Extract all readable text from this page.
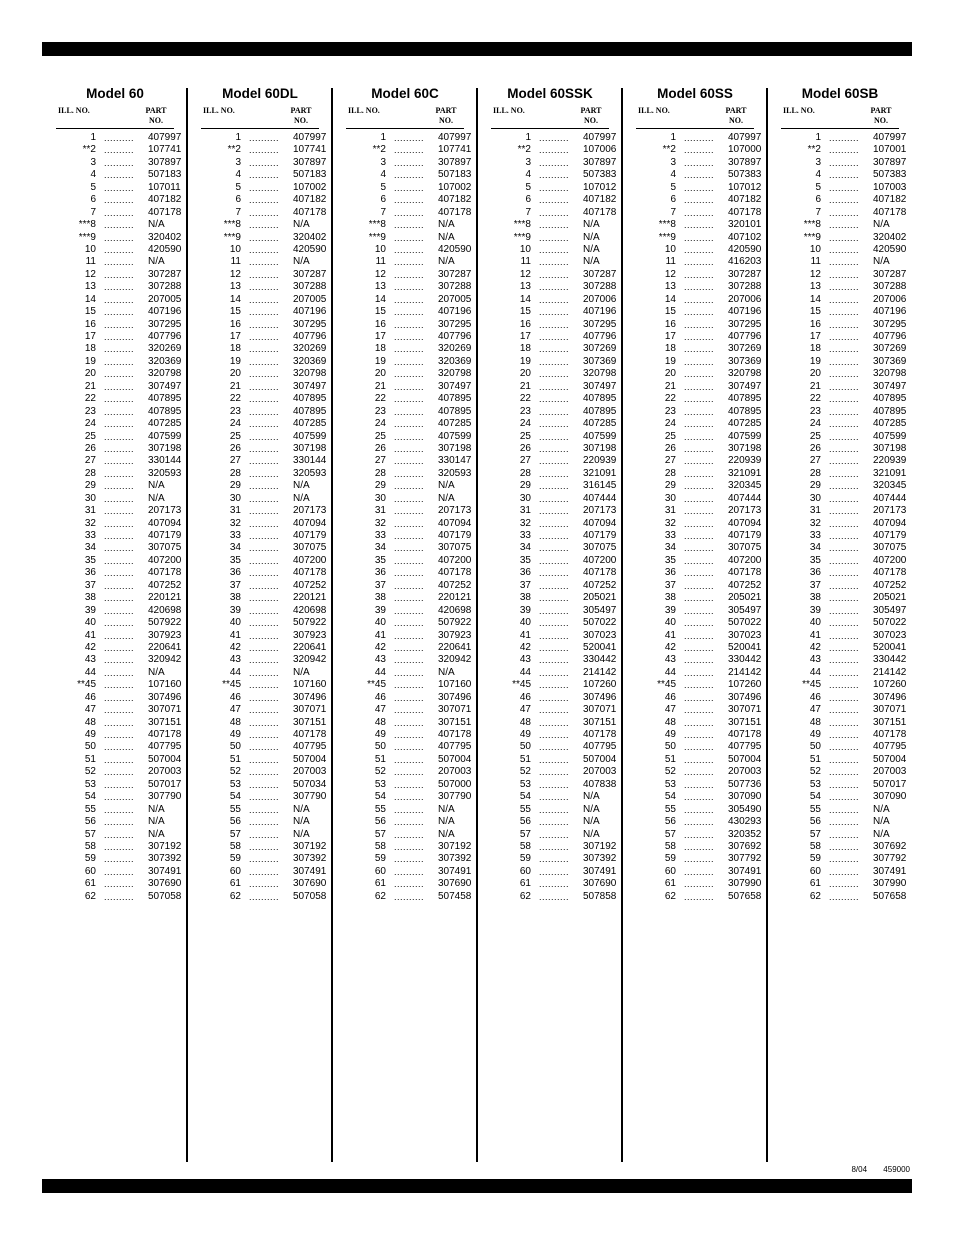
Model 60
ILL. NO.	PART
NO.
1 .......... 407997
**2 .......... 107741
3 .......... 307897
4 .......... 507183
5 .......... 107011
6 .......... 407182
7 .......... 407178
***8 .......... N/A
***9 .......... 320402
10 .......... 420590
11 .......... N/A
12 .......... 307287
13 .......... 307288
14 .......... 207005
15 .......... 407196
16 .......... 307295
17 .......... 407796
18 .......... 320269
19 .......... 320369
20 .......... 320798
21 .......... 307497
22 .......... 407895
23 .......... 407895
24 .......... 407285
25 .......... 407599
26 .......... 307198
27 .......... 330144
28 .......... 320593
29 .......... N/A
30 .......... N/A
31 .......... 207173
32 .......... 407094
33 .......... 407179
34 .......... 307075
35 .......... 407200
36 .......... 407178
37 .......... 407252
38 .......... 220121
39 .......... 420698
40 .......... 507922
41 .......... 307923
42 .......... 220641
43 .......... 320942
44 .......... N/A
**45 .......... 107160
46 .......... 307496
47 .......... 307071
48 .......... 307151
49 .......... 407178
50 .......... 407795
51 .......... 507004
52 .......... 207003
53 .......... 507017
54 .......... 307790
55 .......... N/A
56 .......... N/A
57 .......... N/A
58 .......... 307192
59 .......... 307392
60 .......... 307491
61 .......... 307690
62 .......... 507058
Model 60DL
ILL. NO.	PART
NO.
1 .......... 407997
**2 .......... 107741
3 .......... 307897
4 .......... 507183
5 .......... 107002
6 .......... 407182
7 .......... 407178
***8 .......... N/A
***9 .......... 320402
10 .......... 420590
11 .......... N/A
12 .......... 307287
13 .......... 307288
14 .......... 207005
15 .......... 407196
16 .......... 307295
17 .......... 407796
18 .......... 320269
19 .......... 320369
20 .......... 320798
21 .......... 307497
22 .......... 407895
23 .......... 407895
24 .......... 407285
25 .......... 407599
26 .......... 307198
27 .......... 330144
28 .......... 320593
29 .......... N/A
30 .......... N/A
31 .......... 207173
32 .......... 407094
33 .......... 407179
34 .......... 307075
35 .......... 407200
36 .......... 407178
37 .......... 407252
38 .......... 220121
39 .......... 420698
40 .......... 507922
41 .......... 307923
42 .......... 220641
43 .......... 320942
44 .......... N/A
**45 .......... 107160
46 .......... 307496
47 .......... 307071
48 .......... 307151
49 .......... 407178
50 .......... 407795
51 .......... 507004
52 .......... 207003
53 .......... 507034
54 .......... 307790
55 .......... N/A
56 .......... N/A
57 .......... N/A
58 .......... 307192
59 .......... 307392
60 .......... 307491
61 .......... 307690
62 .......... 507058
Model 60C
ILL. NO.	PART
NO.
1 .......... 407997
**2 .......... 107741
3 .......... 307897
4 .......... 507183
5 .......... 107002
6 .......... 407182
7 .......... 407178
***8 .......... N/A
***9 .......... N/A
10 .......... 420590
11 .......... N/A
12 .......... 307287
13 .......... 307288
14 .......... 207005
15 .......... 407196
16 .......... 307295
17 .......... 407796
18 .......... 320269
19 .......... 320369
20 .......... 320798
21 .......... 307497
22 .......... 407895
23 .......... 407895
24 .......... 407285
25 .......... 407599
26 .......... 307198
27 .......... 330147
28 .......... 320593
29 .......... N/A
30 .......... N/A
31 .......... 207173
32 .......... 407094
33 .......... 407179
34 .......... 307075
35 .......... 407200
36 .......... 407178
37 .......... 407252
38 .......... 220121
39 .......... 420698
40 .......... 507922
41 .......... 307923
42 .......... 220641
43 .......... 320942
44 .......... N/A
**45 .......... 107160
46 .......... 307496
47 .......... 307071
48 .......... 307151
49 .......... 407178
50 .......... 407795
51 .......... 507004
52 .......... 207003
53 .......... 507000
54 .......... 307790
55 .......... N/A
56 .......... N/A
57 .......... N/A
58 .......... 307192
59 .......... 307392
60 .......... 307491
61 .......... 307690
62 .......... 507458
Model 60SSK
ILL. NO.	PART
NO.
1 .......... 407997
**2 .......... 107006
3 .......... 307897
4 .......... 507383
5 .......... 107012
6 .......... 407182
7 .......... 407178
***8 .......... N/A
***9 .......... N/A
10 .......... N/A
11 .......... N/A
12 .......... 307287
13 .......... 307288
14 .......... 207006
15 .......... 407196
16 .......... 307295
17 .......... 407796
18 .......... 307269
19 .......... 307369
20 .......... 320798
21 .......... 307497
22 .......... 407895
23 .......... 407895
24 .......... 407285
25 .......... 407599
26 .......... 307198
27 .......... 220939
28 .......... 321091
29 .......... 316145
30 .......... 407444
31 .......... 207173
32 .......... 407094
33 .......... 407179
34 .......... 307075
35 .......... 407200
36 .......... 407178
37 .......... 407252
38 .......... 205021
39 .......... 305497
40 .......... 507022
41 .......... 307023
42 .......... 520041
43 .......... 330442
44 .......... 214142
**45 .......... 107260
46 .......... 307496
47 .......... 307071
48 .......... 307151
49 .......... 407178
50 .......... 407795
51 .......... 507004
52 .......... 207003
53 .......... 407838
54 .......... N/A
55 .......... N/A
56 .......... N/A
57 .......... N/A
58 .......... 307192
59 .......... 307392
60 .......... 307491
61 .......... 307690
62 .......... 507858
Model 60SS
ILL. NO.	PART
NO.
1 .......... 407997
**2 .......... 107000
3 .......... 307897
4 .......... 507383
5 .......... 107012
6 .......... 407182
7 .......... 407178
***8 .......... 320101
***9 .......... 407102
10 .......... 420590
11 .......... 416203
12 .......... 307287
13 .......... 307288
14 .......... 207006
15 .......... 407196
16 .......... 307295
17 .......... 407796
18 .......... 307269
19 .......... 307369
20 .......... 320798
21 .......... 307497
22 .......... 407895
23 .......... 407895
24 .......... 407285
25 .......... 407599
26 .......... 307198
27 .......... 220939
28 .......... 321091
29 .......... 320345
30 .......... 407444
31 .......... 207173
32 .......... 407094
33 .......... 407179
34 .......... 307075
35 .......... 407200
36 .......... 407178
37 .......... 407252
38 .......... 205021
39 .......... 305497
40 .......... 507022
41 .......... 307023
42 .......... 520041
43 .......... 330442
44 .......... 214142
**45 .......... 107260
46 .......... 307496
47 .......... 307071
48 .......... 307151
49 .......... 407178
50 .......... 407795
51 .......... 507004
52 .......... 207003
53 .......... 507736
54 .......... 307090
55 .......... 305490
56 .......... 430293
57 .......... 320352
58 .......... 307692
59 .......... 307792
60 .......... 307491
61 .......... 307990
62 .......... 507658
Model 60SB
ILL. NO.	PART
NO.
1 .......... 407997
**2 .......... 107001
3 .......... 307897
4 .......... 507383
5 .......... 107003
6 .......... 407182
7 .......... 407178
***8 .......... N/A
***9 .......... 320402
10 .......... 420590
11 .......... N/A
12 .......... 307287
13 .......... 307288
14 .......... 207006
15 .......... 407196
16 .......... 307295
17 .......... 407796
18 .......... 307269
19 .......... 307369
20 .......... 320798
21 .......... 307497
22 .......... 407895
23 .......... 407895
24 .......... 407285
25 .......... 407599
26 .......... 307198
27 .......... 220939
28 .......... 321091
29 .......... 320345
30 .......... 407444
31 .......... 207173
32 .......... 407094
33 .......... 407179
34 .......... 307075
35 .......... 407200
36 .......... 407178
37 .......... 407252
38 .......... 205021
39 .......... 305497
40 .......... 507022
41 .......... 307023
42 .......... 520041
43 .......... 330442
44 .......... 214142
**45 .......... 107260
46 .......... 307496
47 .......... 307071
48 .......... 307151
49 .......... 407178
50 .......... 407795
51 .......... 507004
52 .......... 207003
53 .......... 507017
54 .......... 307090
55 .......... N/A
56 .......... N/A
57 .......... N/A
58 .......... 307692
59 .......... 307792
60 .......... 307491
61 .......... 307990
62 .......... 507658
8/04 459000
